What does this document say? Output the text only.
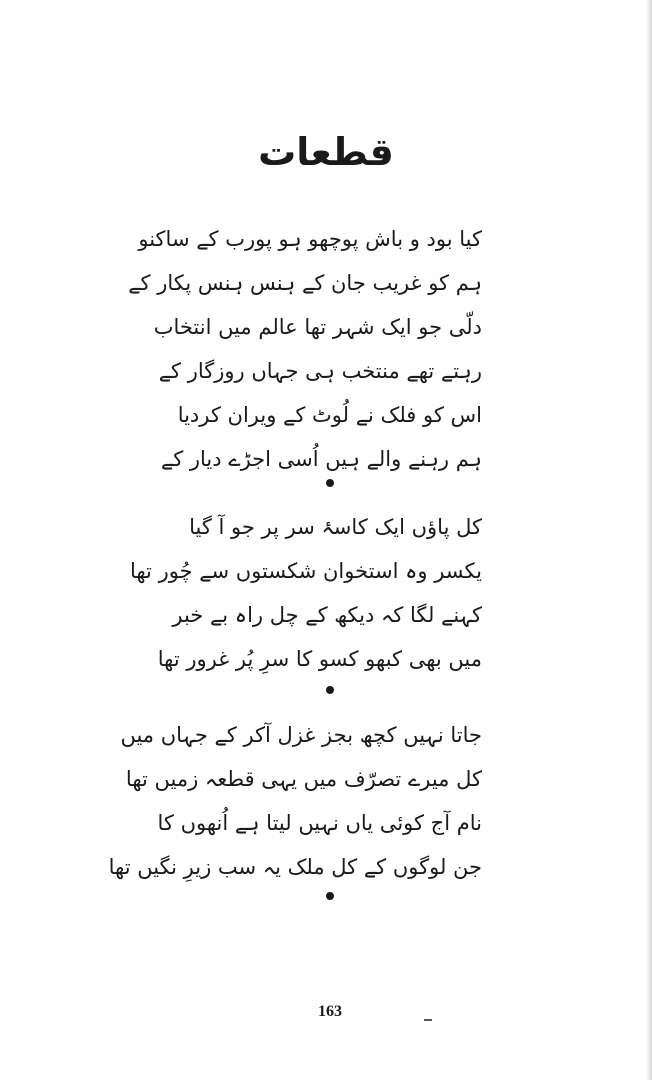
قطعات
کیا بود و باش پوچھو ہو پورب کے ساکنو
ہم کو غریب جان کے ہنس ہنس پکار کے
دلّی جو ایک شہر تھا عالم میں انتخاب
رہتے تھے منتخب ہی جہاں روزگار کے
اس کو فلک نے لُوٹ کے ویران کردیا
ہم رہنے والے ہیں اُسی اجڑے دیار کے
کل پاؤں ایک کاسۂ سر پر جو آ گیا
یکسر وہ استخوان شکستوں سے چُور تھا
کہنے لگا کہ دیکھ کے چل راہ بے خبر
میں بھی کبھو کسو کا سرِ پُر غرور تھا
جاتا نہیں کچھ بجز غزل آکر کے جہاں میں
کل میرے تصرّف میں یہی قطعہ زمیں تھا
نام آج کوئی یاں نہیں لیتا ہے اُنھوں کا
جن لوگوں کے کل ملک یہ سب زیرِ نگیں تھا
163
